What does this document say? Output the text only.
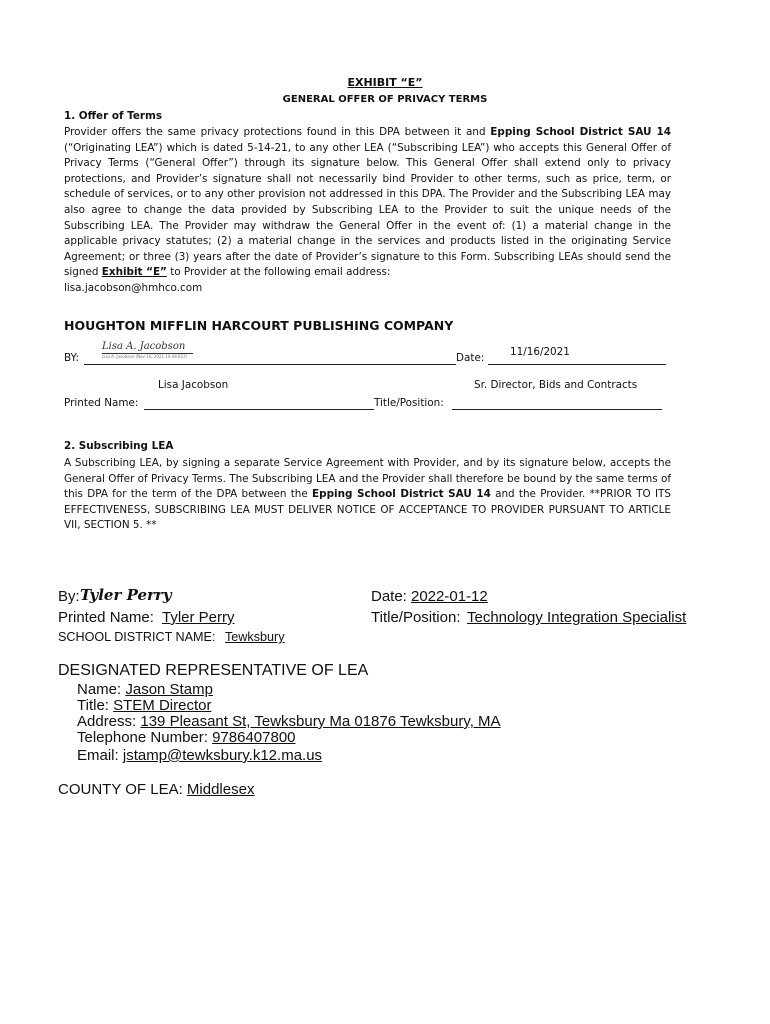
EXHIBIT “E”
GENERAL OFFER OF PRIVACY TERMS
1. Offer of Terms
Provider offers the same privacy protections found in this DPA between it and Epping School District SAU 14 (“Originating LEA”) which is dated 5-14-21, to any other LEA (“Subscribing LEA”) who accepts this General Offer of Privacy Terms (“General Offer”) through its signature below. This General Offer shall extend only to privacy protections, and Provider’s signature shall not necessarily bind Provider to other terms, such as price, term, or schedule of services, or to any other provision not addressed in this DPA. The Provider and the Subscribing LEA may also agree to change the data provided by Subscribing LEA to the Provider to suit the unique needs of the Subscribing LEA. The Provider may withdraw the General Offer in the event of: (1) a material change in the applicable privacy statutes; (2) a material change in the services and products listed in the originating Service Agreement; or three (3) years after the date of Provider’s signature to this Form. Subscribing LEAs should send the signed Exhibit “E” to Provider at the following email address:
lisa.jacobson@hmhco.com
HOUGHTON MIFFLIN HARCOURT PUBLISHING COMPANY
BY:
Lisa A. Jacobson
Lisa A. Jacobson (Nov 16, 2021 14:48 EST)	Date: 11/16/2021
Lisa Jacobson	Sr. Director, Bids and Contracts
Printed Name:	Title/Position:
2. Subscribing LEA
A Subscribing LEA, by signing a separate Service Agreement with Provider, and by its signature below, accepts the General Offer of Privacy Terms. The Subscribing LEA and the Provider shall therefore be bound by the same terms of this DPA for the term of the DPA between the Epping School District SAU 14 and the Provider. **PRIOR TO ITS EFFECTIVENESS, SUBSCRIBING LEA MUST DELIVER NOTICE OF ACCEPTANCE TO PROVIDER PURSUANT TO ARTICLE VII, SECTION 5. **
By: Tyler Perry	Date: 2022-01-12
Printed Name: Tyler Perry	Title/Position: Technology Integration Specialist
SCHOOL DISTRICT NAME: Tewksbury
DESIGNATED REPRESENTATIVE OF LEA
Name: Jason Stamp
Title: STEM Director
Address: 139 Pleasant St, Tewksbury Ma 01876 Tewksbury, MA
Telephone Number: 9786407800
Email: jstamp@tewksbury.k12.ma.us
COUNTY OF LEA: Middlesex
